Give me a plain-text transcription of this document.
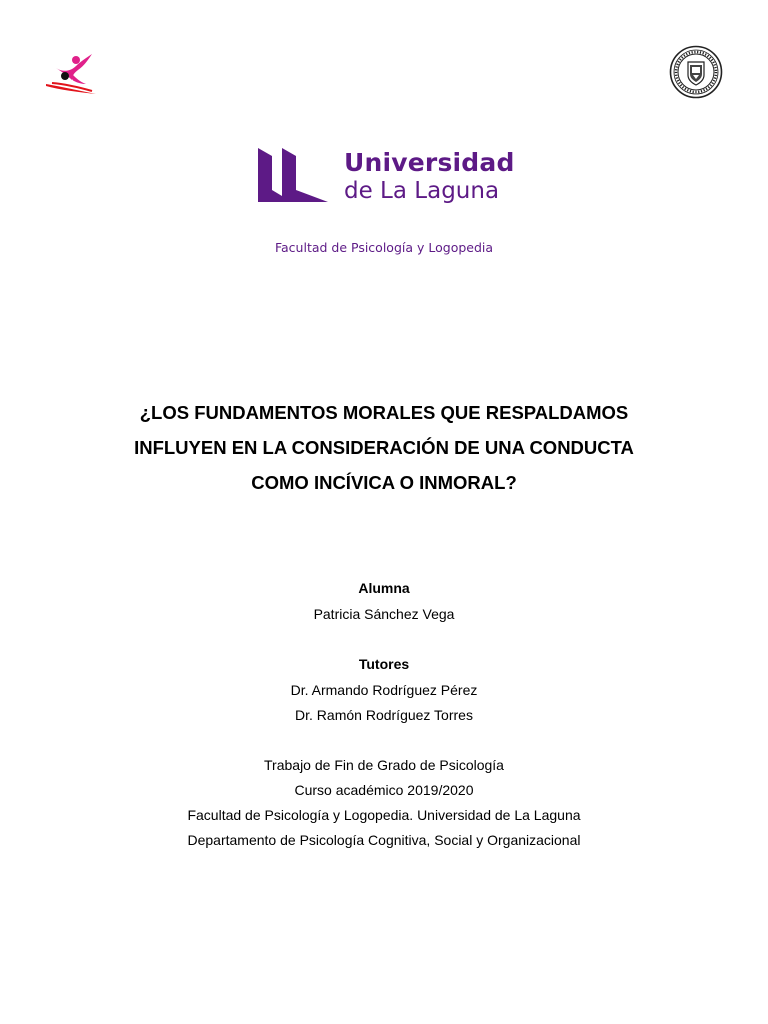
Universidad
de La Laguna
Facultad de Psicología y Logopedia
¿LOS FUNDAMENTOS MORALES QUE RESPALDAMOS
INFLUYEN EN LA CONSIDERACIÓN DE UNA CONDUCTA
COMO INCÍVICA O INMORAL?
Alumna
Patricia Sánchez Vega
Tutores
Dr. Armando Rodríguez Pérez
Dr. Ramón Rodríguez Torres
Trabajo de Fin de Grado de Psicología
Curso académico 2019/2020
Facultad de Psicología y Logopedia. Universidad de La Laguna
Departamento de Psicología Cognitiva, Social y Organizacional
